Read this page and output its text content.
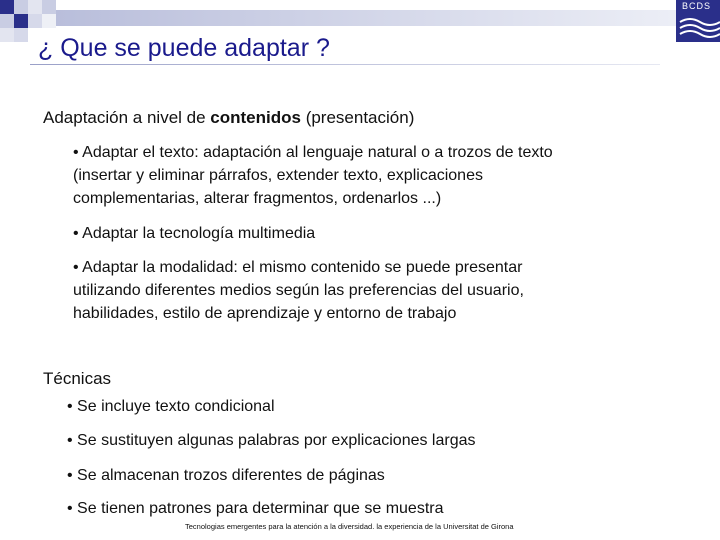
BCDS
¿ Que se puede adaptar ?
Adaptación a nivel de contenidos (presentación)
• Adaptar el texto: adaptación al lenguaje natural o a trozos de texto
(insertar y eliminar párrafos, extender texto, explicaciones
complementarias, alterar fragmentos, ordenarlos ...)
• Adaptar la tecnología multimedia
• Adaptar la modalidad: el mismo contenido se puede presentar
utilizando diferentes medios según las preferencias del usuario,
habilidades, estilo de aprendizaje y entorno de trabajo
Técnicas
• Se incluye texto condicional
• Se sustituyen algunas palabras por explicaciones largas
• Se almacenan trozos diferentes de páginas
• Se tienen patrones para determinar que se muestra
Tecnologias emergentes para la atención a la diversidad. la experiencia de la Universitat de Girona
